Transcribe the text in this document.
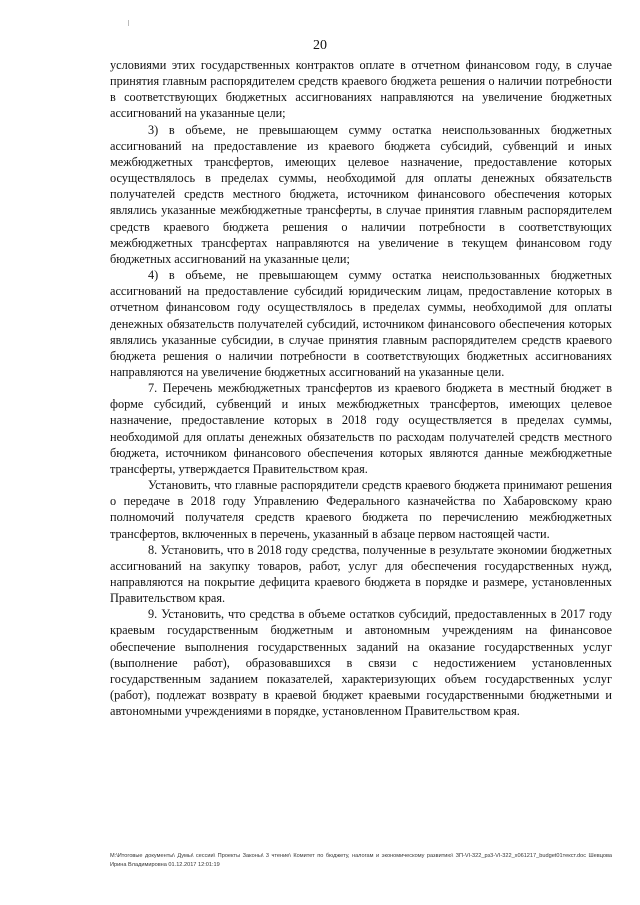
20

условиями этих государственных контрактов оплате в отчетном финансовом году, в случае принятия главным распорядителем средств краевого бюджета решения о наличии потребности в соответствующих бюджетных ассигнованиях направляются на увеличение бюджетных ассигнований на указанные цели;

3) в объеме, не превышающем сумму остатка неиспользованных бюджетных ассигнований на предоставление из краевого бюджета субсидий, субвенций и иных межбюджетных трансфертов, имеющих целевое назначение, предоставление которых осуществлялось в пределах суммы, необходимой для оплаты денежных обязательств получателей средств местного бюджета, источником финансового обеспечения которых являлись указанные межбюджетные трансферты, в случае принятия главным распорядителем средств краевого бюджета решения о наличии потребности в соответствующих межбюджетных трансфертах направляются на увеличение в текущем финансовом году бюджетных ассигнований на указанные цели;

4) в объеме, не превышающем сумму остатка неиспользованных бюджетных ассигнований на предоставление субсидий юридическим лицам, предоставление которых в отчетном финансовом году осуществлялось в пределах суммы, необходимой для оплаты денежных обязательств получателей субсидий, источником финансового обеспечения которых являлись указанные субсидии, в случае принятия главным распорядителем средств краевого бюджета решения о наличии потребности в соответствующих бюджетных ассигнованиях направляются на увеличение бюджетных ассигнований на указанные цели.

7. Перечень межбюджетных трансфертов из краевого бюджета в местный бюджет в форме субсидий, субвенций и иных межбюджетных трансфертов, имеющих целевое назначение, предоставление которых в 2018 году осуществляется в пределах суммы, необходимой для оплаты денежных обязательств по расходам получателей средств местного бюджета, источником финансового обеспечения которых являются данные межбюджетные трансферты, утверждается Правительством края.

Установить, что главные распорядители средств краевого бюджета принимают решения о передаче в 2018 году Управлению Федерального казначейства по Хабаровскому краю полномочий получателя средств краевого бюджета по перечислению межбюджетных трансфертов, включенных в перечень, указанный в абзаце первом настоящей части.

8. Установить, что в 2018 году средства, полученные в результате экономии бюджетных ассигнований на закупку товаров, работ, услуг для обеспечения государственных нужд, направляются на покрытие дефицита краевого бюджета в порядке и размере, установленных Правительством края.

9. Установить, что средства в объеме остатков субсидий, предоставленных в 2017 году краевым государственным бюджетным и автономным учреждениям на финансовое обеспечение выполнения государственных заданий на оказание государственных услуг (выполнение работ), образовавшихся в связи с недостижением установленных государственным заданием показателей, характеризующих объем государственных услуг (работ), подлежат возврату в краевой бюджет краевыми государственными бюджетными и автономными учреждениями в порядке, установленном Правительством края.

M:\Итоговые документы\ Думы\ сессии\ Проекты Законы\ 3 чтение\ Комитет по бюджету, налогам и экономическому развитию\ ЗП-VI-322_рз3-VI-322_х061217_budget01текст.doc Шевцова Ирина Владимировна 01.12.2017 12:01:19
